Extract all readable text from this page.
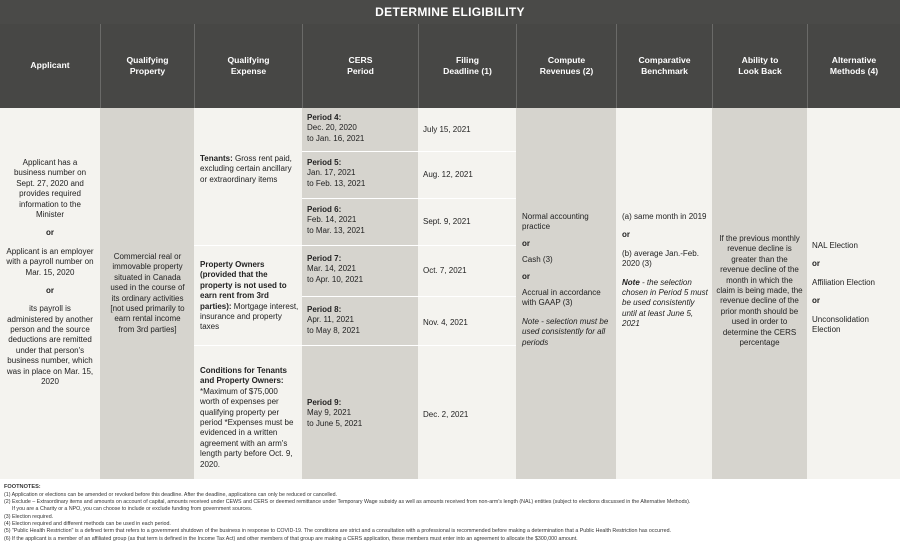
DETERMINE ELIGIBILITY
Applicant
Qualifying
Property
Qualifying
Expense
CERS
Period
Filing
Deadline (1)
Compute
Revenues (2)
Comparative
Benchmark
Ability to
Look Back
Alternative
Methods (4)

Applicant has a business number on Sept. 27, 2020 and provides required information to the Minister

or

Applicant is an employer with a payroll number on Mar. 15, 2020

or

its payroll is administered by another person and the source deductions are remitted under that person's business number, which was in place on Mar. 15, 2020

Commercial real or immovable property situated in Canada used in the course of its ordinary activities [not used primarily to earn rental income from 3rd parties]
Tenants: Gross rent paid, excluding certain ancillary or extraordinary items
Property Owners (provided that the property is not used to earn rent from 3rd parties): Mortgage interest, insurance and property taxes
Conditions for Tenants and Property Owners: *Maximum of $75,000 worth of expenses per qualifying property per period *Expenses must be evidenced in a written agreement with an arm's length party before Oct. 9, 2020.
Period 4:
Dec. 20, 2020
to Jan. 16, 2021
Period 5:
Jan. 17, 2021
to Feb. 13, 2021
Period 6:
Feb. 14, 2021
to Mar. 13, 2021
Period 7:
Mar. 14, 2021
to Apr. 10, 2021
Period 8:
Apr. 11, 2021
to May 8, 2021
Period 9:
May 9, 2021
to June 5, 2021
July 15, 2021
Aug. 12, 2021
Sept. 9, 2021
Oct. 7, 2021
Nov. 4, 2021
Dec. 2, 2021

Normal accounting practice

or

Cash (3)

or

Accrual in accordance with GAAP (3)

Note - selection must be used consistently for all periods

(a) same month in 2019

or

(b) average Jan.-Feb. 2020 (3)

Note - the selection chosen in Period 5 must be used consistently until at least June 5, 2021

If the previous monthly revenue decline is greater than the revenue decline of the month in which the claim is being made, the revenue decline of the prior month should be used in order to determine the CERS percentage

NAL Election

or

Affiliation Election

or

Unconsolidation Election

FOOTNOTES:
(1) Application or elections can be amended or revoked before this deadline. After the deadline, applications can only be reduced or cancelled.
(2) Exclude – Extraordinary items and amounts on account of capital, amounts received under CEWS and CERS or deemed remittance under Temporary Wage subsidy as well as amounts received from non-arm's length (NAL) entities (subject to elections discussed in the Alternative Methods).
If you are a Charity or a NPO, you can choose to include or exclude funding from government sources.
(3) Election required.
(4) Election required and different methods can be used in each period.
(5) "Public Health Restriction" is a defined term that refers to a government shutdown of the business in response to COVID-19. The conditions are strict and a consultation with a professional is recommended before making a determination that a Public Health Restriction has occurred.
(6) If the applicant is a member of an affiliated group (as that term is defined in the Income Tax Act) and other members of that group are making a CERS application, these members must enter into an agreement to allocate the $300,000 amount.
